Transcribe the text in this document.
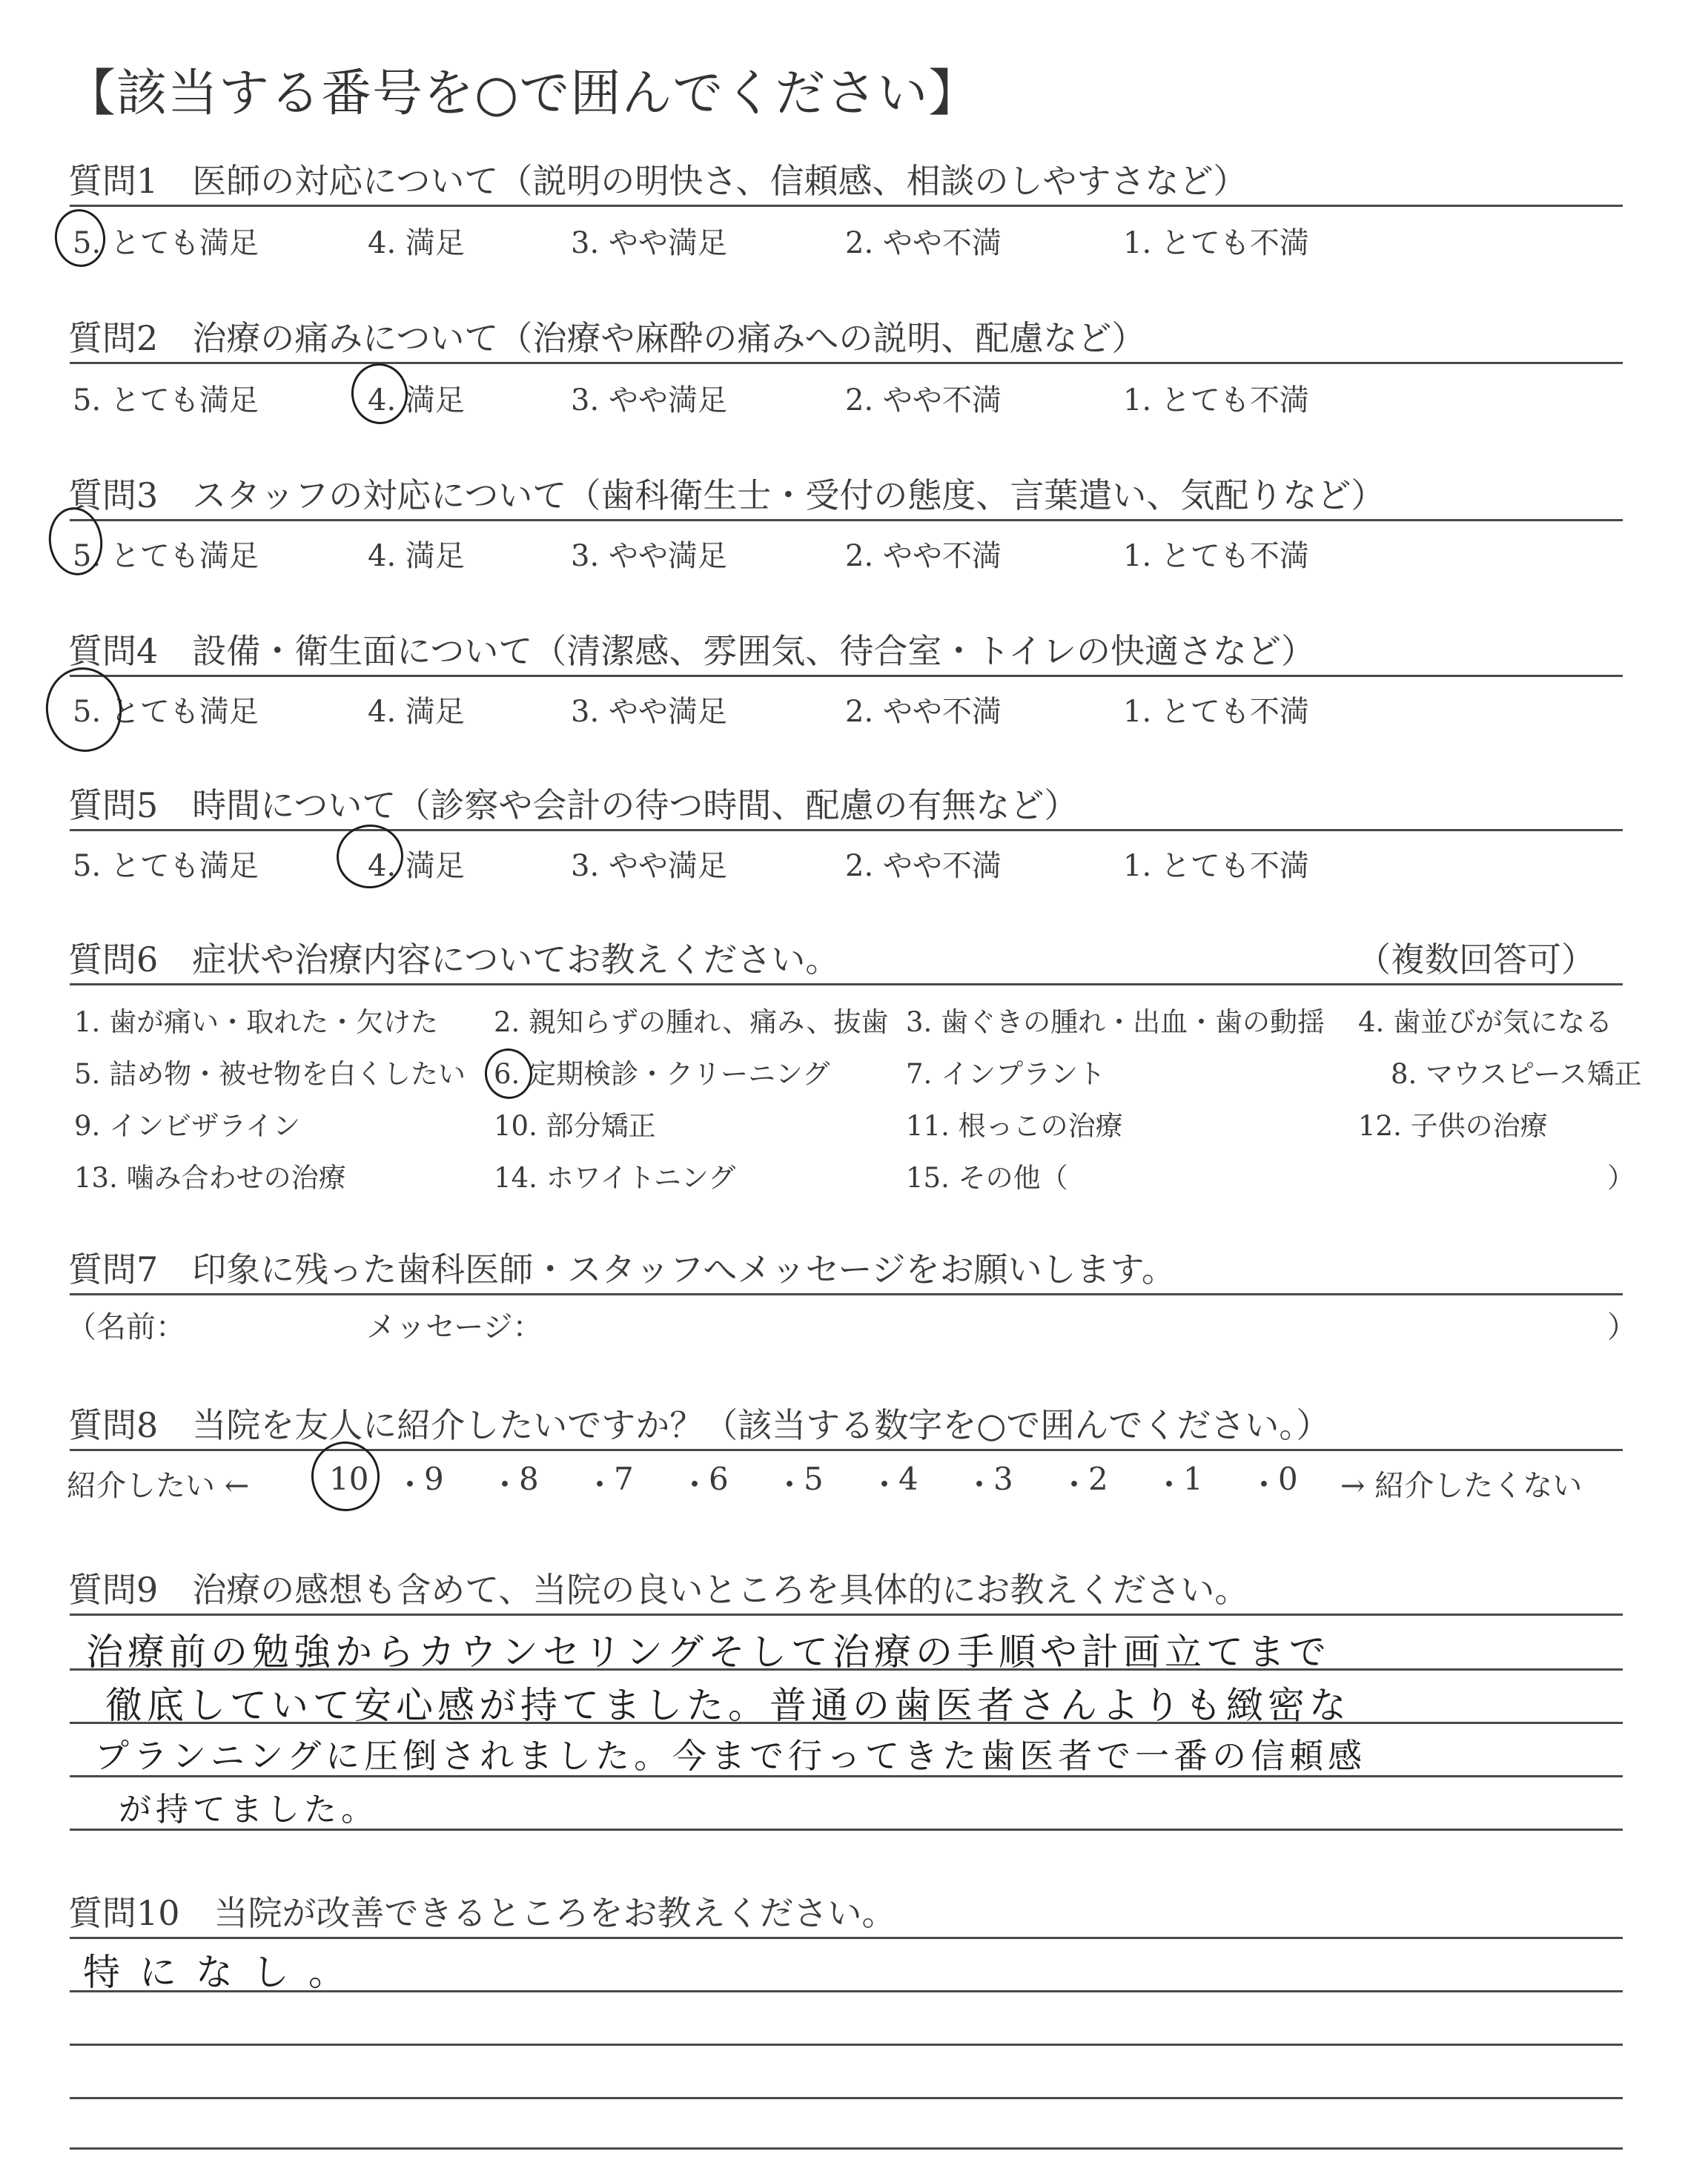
【該当する番号を○で囲んでください】
質問1　医師の対応について（説明の明快さ、信頼感、相談のしやすさなど）
5. とても満足	4. 満足	3. やや満足	2. やや不満	1. とても不満
質問2　治療の痛みについて（治療や麻酔の痛みへの説明、配慮など）
5. とても満足	4. 満足	3. やや満足	2. やや不満	1. とても不満
質問3　スタッフの対応について（歯科衛生士・受付の態度、言葉遣い、気配りなど）
5. とても満足	4. 満足	3. やや満足	2. やや不満	1. とても不満
質問4　設備・衛生面について（清潔感、雰囲気、待合室・トイレの快適さなど）
5. とても満足	4. 満足	3. やや満足	2. やや不満	1. とても不満
質問5　時間について（診察や会計の待つ時間、配慮の有無など）
5. とても満足	4. 満足	3. やや満足	2. やや不満	1. とても不満
質問6　症状や治療内容についてお教えください。	（複数回答可）
1. 歯が痛い・取れた・欠けた 2. 親知らずの腫れ、痛み、抜歯 3. 歯ぐきの腫れ・出血・歯の動揺 4. 歯並びが気になる
5. 詰め物・被せ物を白くしたい 6. 定期検診・クリーニング	7. インプラント	8. マウスピース矯正
9. インビザライン	10. 部分矯正	11. 根っこの治療	12. 子供の治療
13. 噛み合わせの治療	14. ホワイトニング	15. その他（	）
質問7　印象に残った歯科医師・スタッフへメッセージをお願いします。
（名前：	メッセージ：	）
質問8　当院を友人に紹介したいですか？（該当する数字を○で囲んでください。）
紹介したい ←	10 ・
9	・
8	・
7	・
6	・
5	・
4	・
3	・
2	・
1	・
0	→ 紹介したくない
質問9　治療の感想も含めて、当院の良いところを具体的にお教えください。
治療前の勉強からカウンセリングそして治療の手順や計画立てまで
徹底していて安心感が持てました。普通の歯医者さんよりも緻密な
プランニングに圧倒されました。今まで行ってきた歯医者で一番の信頼感
が持てました。
質問10　当院が改善できるところをお教えください。
特になし。
